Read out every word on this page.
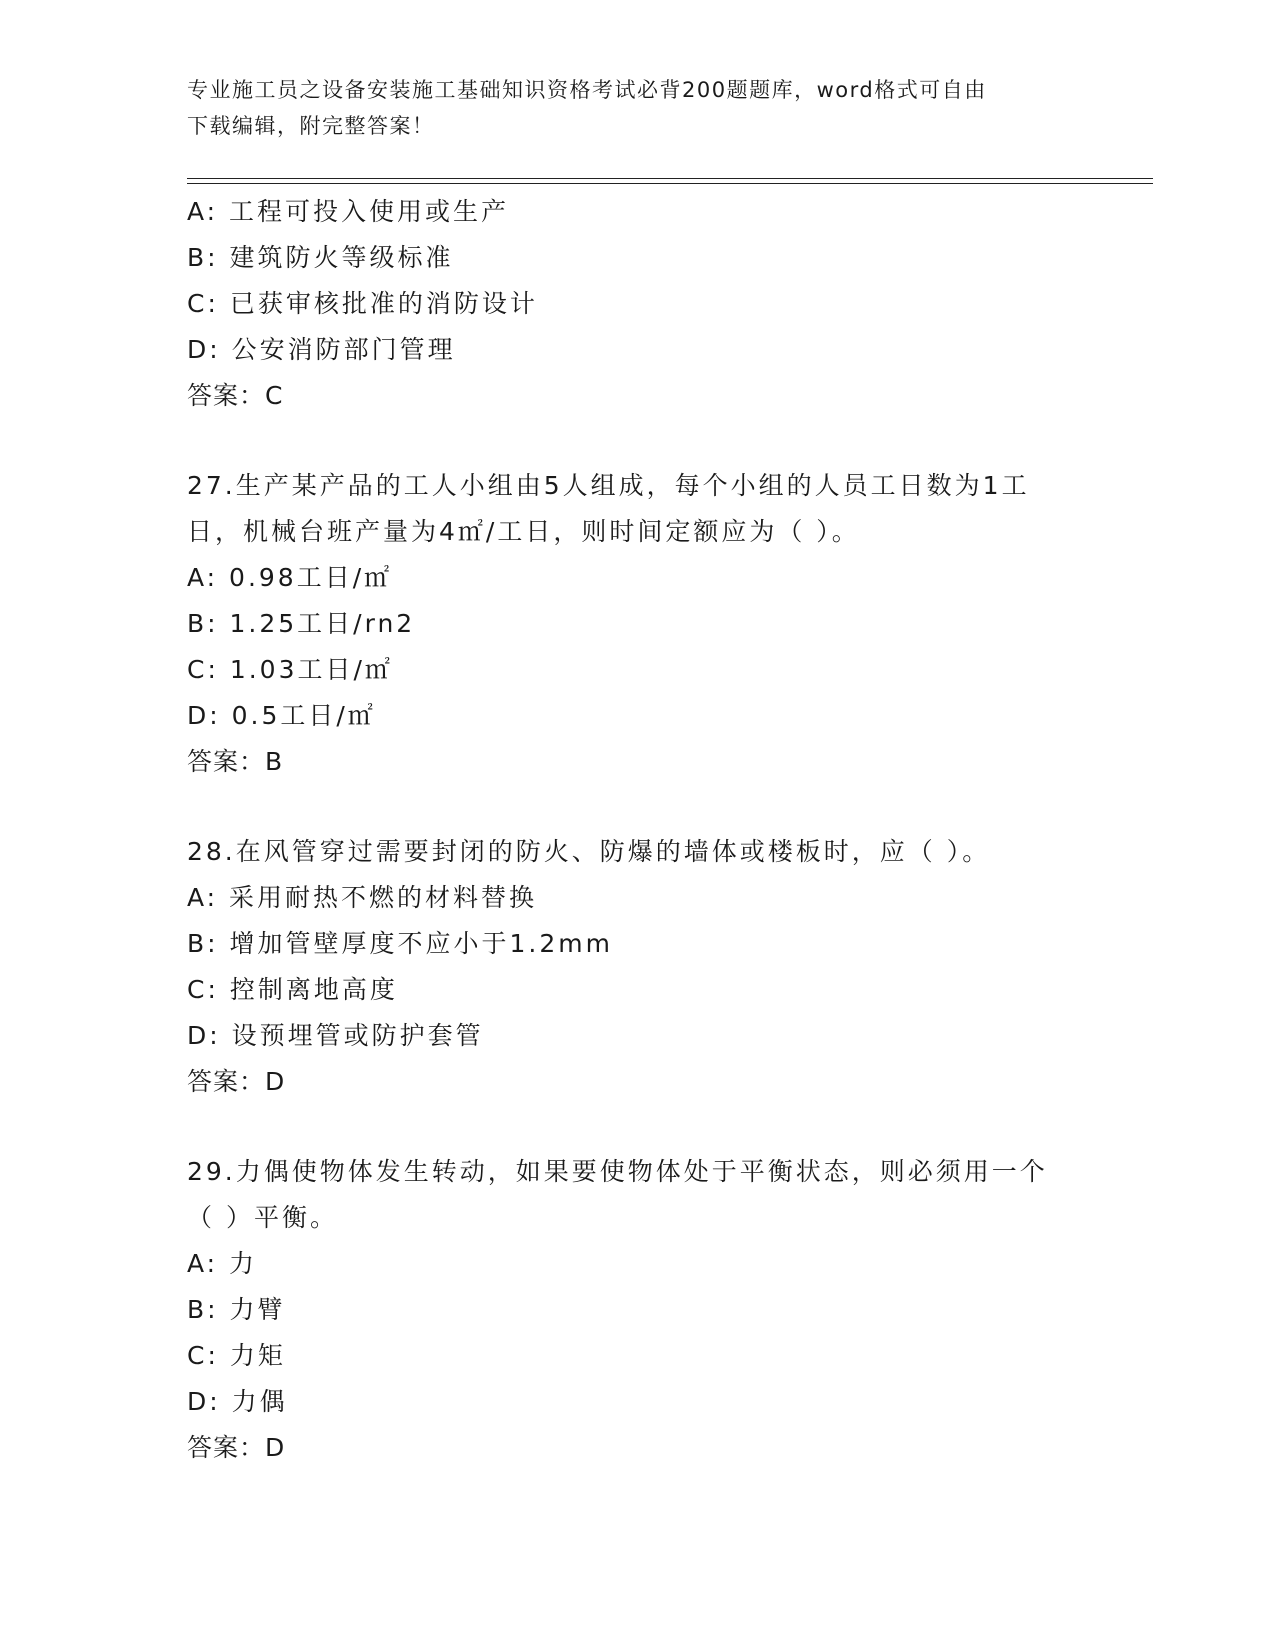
专业施工员之设备安装施工基础知识资格考试必背200题题库，word格式可自由
下载编辑，附完整答案！
A: 工程可投入使用或生产
B: 建筑防火等级标准
C: 已获审核批准的消防设计
D: 公安消防部门管理
答案：C
27.生产某产品的工人小组由5人组成，每个小组的人员工日数为1工
日，机械台班产量为4㎡/工日，则时间定额应为（ ）。
A: 0.98工日/㎡
B: 1.25工日/rn2
C: 1.03工日/㎡
D: 0.5工日/㎡
答案：B
28.在风管穿过需要封闭的防火、防爆的墙体或楼板时，应（ ）。
A: 采用耐热不燃的材料替换
B: 增加管壁厚度不应小于1.2mm
C: 控制离地高度
D: 设预埋管或防护套管
答案：D
29.力偶使物体发生转动，如果要使物体处于平衡状态，则必须用一个
（ ）平衡。
A: 力
B: 力臂
C: 力矩
D: 力偶
答案：D
